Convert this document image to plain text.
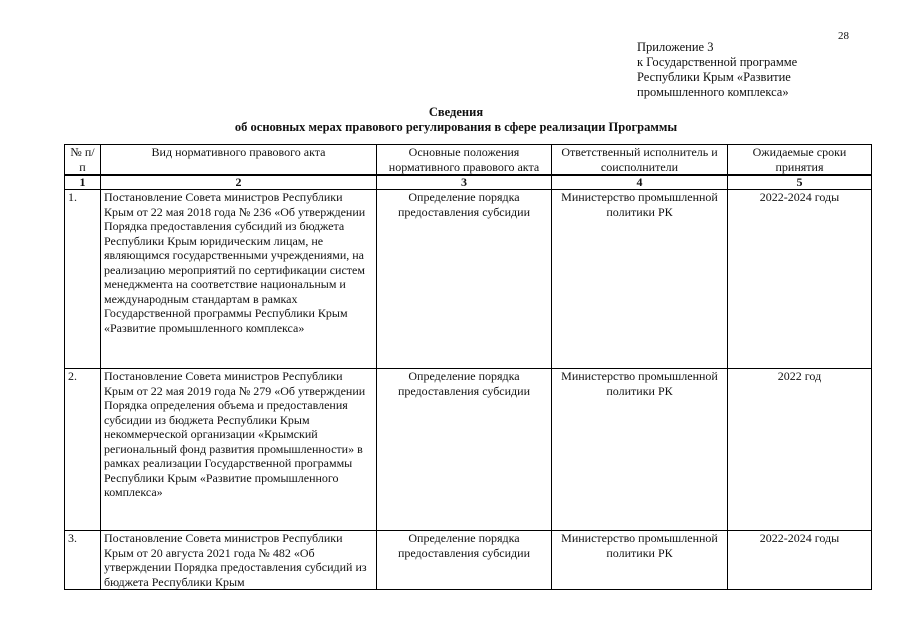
28
Приложение 3
к Государственной программе
Республики Крым «Развитие
промышленного комплекса»
Сведения
об основных мерах правового регулирования в сфере реализации Программы
№ п/п	Вид нормативного правового акта	Основные положения нормативного правового акта	Ответственный исполнитель и соисполнители	Ожидаемые сроки принятия
1	2	3	4	5
1.	Постановление Совета министров Республики Крым от 22 мая 2018 года № 236 «Об утверждении Порядка предоставления субсидий из бюджета Республики Крым юридическим лицам, не являющимся государственными учреждениями, на реализацию мероприятий по сертификации систем менеджмента на соответствие национальным и международным стандартам в рамках Государственной программы Республики Крым «Развитие промышленного комплекса»	Определение порядка предоставления субсидии	Министерство промышленной политики РК	2022-2024 годы
2.	Постановление Совета министров Республики Крым от 22 мая 2019 года № 279 «Об утверждении Порядка определения объема и предоставления субсидии из бюджета Республики Крым некоммерческой организации «Крымский региональный фонд развития промышленности» в рамках реализации Государственной программы Республики Крым «Развитие промышленного комплекса»	Определение порядка предоставления субсидии	Министерство промышленной политики РК	2022 год
3.	Постановление Совета министров Республики Крым от 20 августа 2021 года № 482 «Об утверждении Порядка предоставления субсидий из бюджета Республики Крым	Определение порядка предоставления субсидии	Министерство промышленной политики РК	2022-2024 годы
